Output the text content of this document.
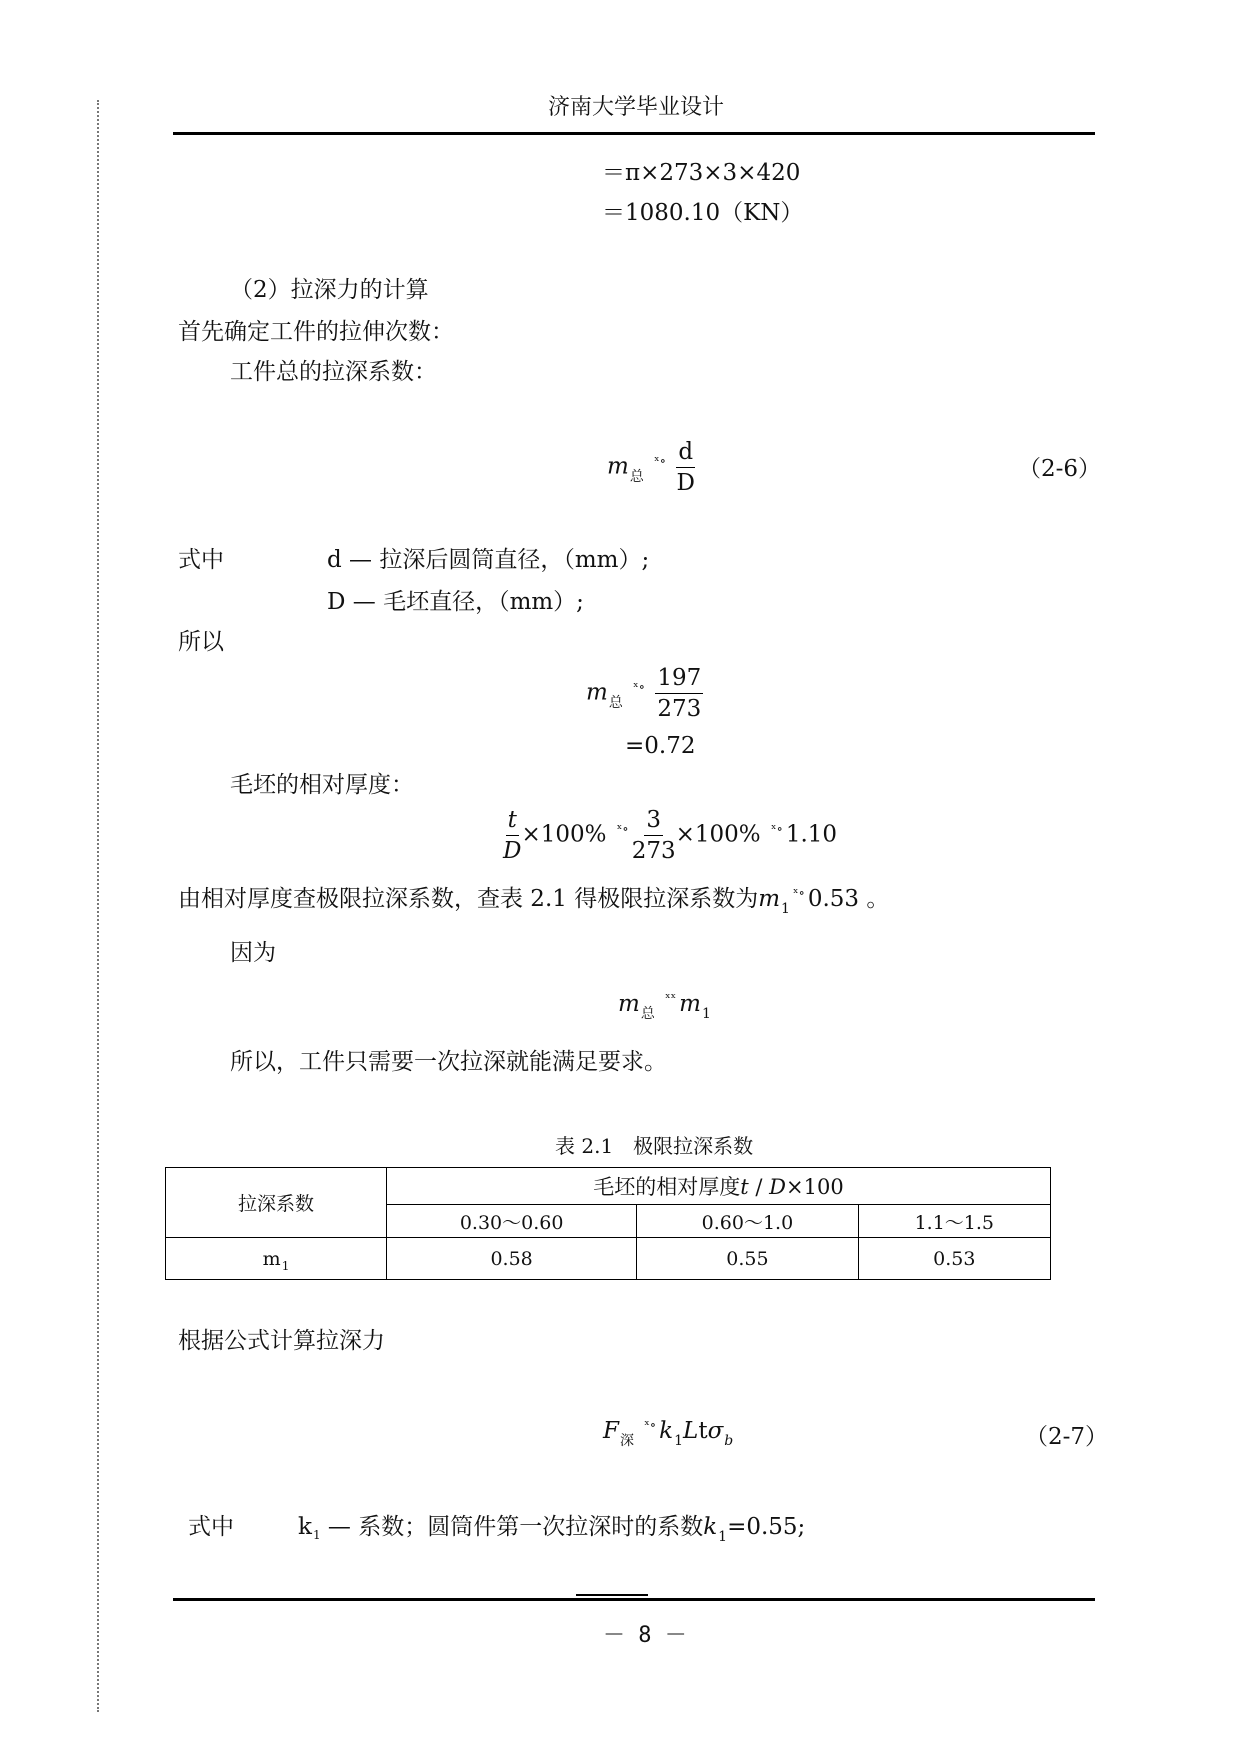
济南大学毕业设计
＝π×273×3×420
＝1080.10（KN）
（2）拉深力的计算
首先确定工件的拉伸次数：
工件总的拉深系数：
$m_总$ $^{ˣ\circ} \frac{d}{D}$	（2-6）
式中	d — 拉深后圆筒直径，（mm）;
D — 毛坯直径，（mm）;
所以
$m_总$ $^{ˣ\circ} \frac{197}{273}$
=0.72
毛坯的相对厚度：
$\frac{t}{D} \times 100\%$ $^{ˣ\circ} \frac{3}{273} \times 100\%$ $^{ˣ\circ}$ 1.10
由相对厚度查极限拉深系数，查表 2.1 得极限拉深系数为$m_1^{ˣ\circ}$ 0.53 。
因为
$m_总$ $^{ˣˣ}$ $m_1$
所以，工件只需要一次拉深就能满足要求。
表 2.1　极限拉深系数
拉深系数	毛坯的相对厚度t / D×100		
	0.30～0.60	0.60～1.0	1.1～1.5
$m_1$	0.58	0.55	0.53
根据公式计算拉深力
$F_深$ $^{ˣ\circ}$ $k_1Lt\sigma_b$	（2-7）
式中	$k_1$ — 系数；圆筒件第一次拉深时的系数$k_1=0.55$;
－ 8 －
